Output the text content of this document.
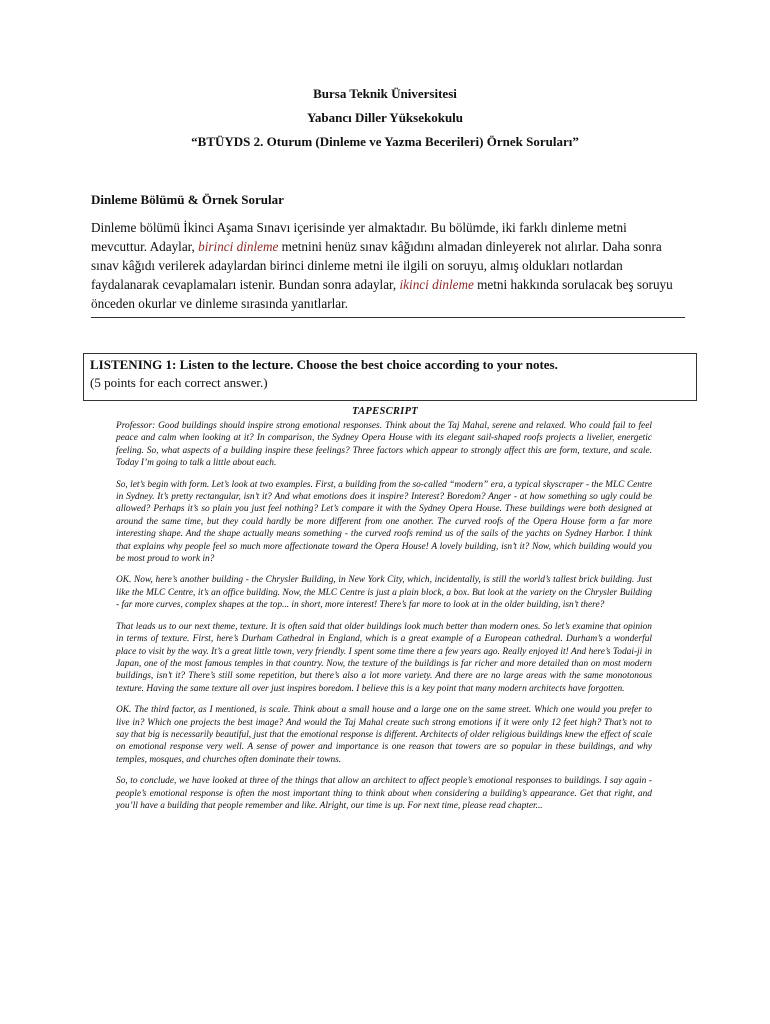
Bursa Teknik Üniversitesi
Yabancı Diller Yüksekokulu
“BTÜYDS 2. Oturum (Dinleme ve Yazma Becerileri) Örnek Soruları”
Dinleme Bölümü & Örnek Sorular
Dinleme bölümü İkinci Aşama Sınavı içerisinde yer almaktadır. Bu bölümde, iki farklı dinleme metni mevcuttur. Adaylar, birinci dinleme metnini henüz sınav kâğıdını almadan dinleyerek not alırlar. Daha sonra sınav kâğıdı verilerek adaylardan birinci dinleme metni ile ilgili on soruyu, almış oldukları notlardan faydalanarak cevaplamaları istenir. Bundan sonra adaylar, ikinci dinleme metni hakkında sorulacak beş soruyu önceden okurlar ve dinleme sırasında yanıtlarlar.
LISTENING 1: Listen to the lecture. Choose the best choice according to your notes.
(5 points for each correct answer.)
TAPESCRIPT

Professor: Good buildings should inspire strong emotional responses. Think about the Taj Mahal, serene and relaxed. Who could fail to feel peace and calm when looking at it? In comparison, the Sydney Opera House with its elegant sail-shaped roofs projects a livelier, energetic feeling. So, what aspects of a building inspire these feelings? Three factors which appear to strongly affect this are form, texture, and scale. Today I’m going to talk a little about each.

So, let’s begin with form. Let’s look at two examples. First, a building from the so-called “modern” era, a typical skyscraper - the MLC Centre in Sydney. It’s pretty rectangular, isn’t it? And what emotions does it inspire? Interest? Boredom? Anger - at how something so ugly could be allowed? Perhaps it’s so plain you just feel nothing? Let’s compare it with the Sydney Opera House. These buildings were both designed at around the same time, but they could hardly be more different from one another. The curved roofs of the Opera House form a far more interesting shape. And the shape actually means something - the curved roofs remind us of the sails of the yachts on Sydney Harbor. I think that explains why people feel so much more affectionate toward the Opera House! A lovely building, isn’t it? Now, which building would you be most proud to work in?

OK. Now, here’s another building - the Chrysler Building, in New York City, which, incidentally, is still the world’s tallest brick building. Just like the MLC Centre, it’s an office building. Now, the MLC Centre is just a plain block, a box. But look at the variety on the Chrysler Building - far more curves, complex shapes at the top... in short, more interest! There’s far more to look at in the older building, isn’t there?

That leads us to our next theme, texture. It is often said that older buildings look much better than modern ones. So let’s examine that opinion in terms of texture. First, here’s Durham Cathedral in England, which is a great example of a European cathedral. Durham’s a wonderful place to visit by the way. It’s a great little town, very friendly. I spent some time there a few years ago. Really enjoyed it! And here’s Todai-ji in Japan, one of the most famous temples in that country. Now, the texture of the buildings is far richer and more detailed than on most modern buildings, isn’t it? There’s still some repetition, but there’s also a lot more variety. And there are no large areas with the same monotonous texture. Having the same texture all over just inspires boredom. I believe this is a key point that many modern architects have forgotten.

OK. The third factor, as I mentioned, is scale. Think about a small house and a large one on the same street. Which one would you prefer to live in? Which one projects the best image? And would the Taj Mahal create such strong emotions if it were only 12 feet high? That’s not to say that big is necessarily beautiful, just that the emotional response is different. Architects of older religious buildings knew the effect of scale on emotional response very well. A sense of power and importance is one reason that towers are so popular in these buildings, and why temples, mosques, and churches often dominate their towns.

So, to conclude, we have looked at three of the things that allow an architect to affect people’s emotional responses to buildings. I say again - people’s emotional response is often the most important thing to think about when considering a building’s appearance. Get that right, and you’ll have a building that people remember and like. Alright, our time is up. For next time, please read chapter...
